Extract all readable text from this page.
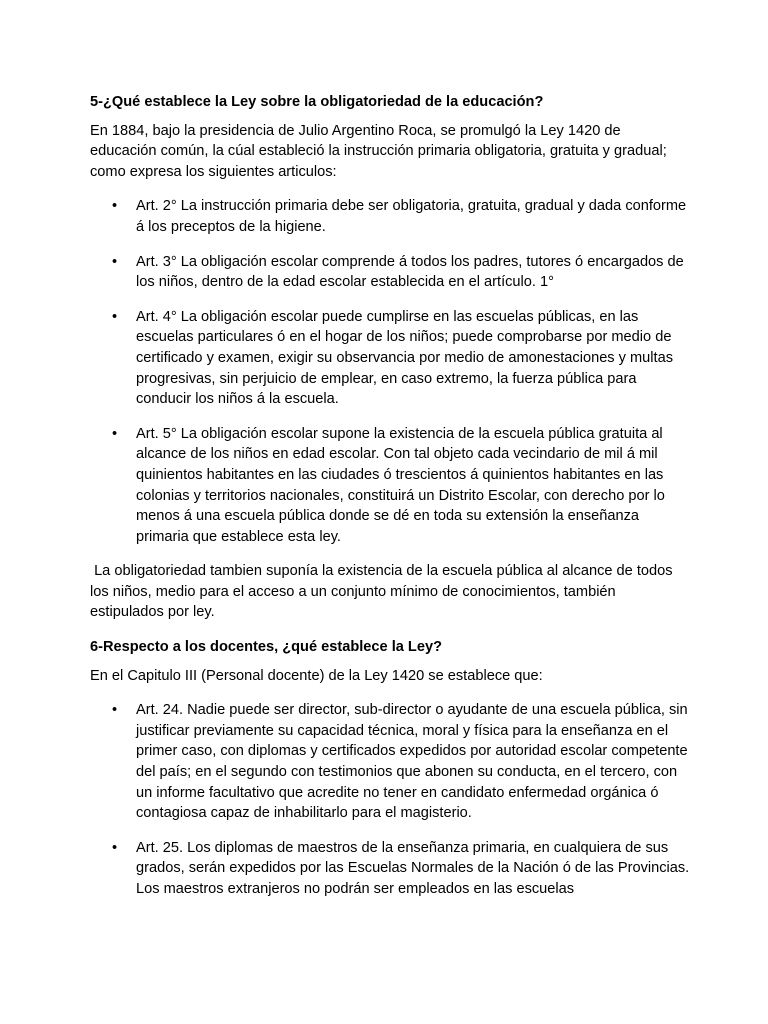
5-¿Qué establece la Ley sobre la obligatoriedad de la educación?

En 1884, bajo la presidencia de Julio Argentino Roca, se promulgó la Ley 1420 de educación común, la cúal estableció la instrucción primaria obligatoria, gratuita y gradual; como expresa los siguientes articulos:

• Art. 2° La instrucción primaria debe ser obligatoria, gratuita, gradual y dada conforme á los preceptos de la higiene.
• Art. 3° La obligación escolar comprende á todos los padres, tutores ó encargados de los niños, dentro de la edad escolar establecida en el artículo. 1°
• Art. 4° La obligación escolar puede cumplirse en las escuelas públicas, en las escuelas particulares ó en el hogar de los niños; puede comprobarse por medio de certificado y examen, exigir su observancia por medio de amonestaciones y multas progresivas, sin perjuicio de emplear, en caso extremo, la fuerza pública para conducir los niños á la escuela.
• Art. 5° La obligación escolar supone la existencia de la escuela pública gratuita al alcance de los niños en edad escolar. Con tal objeto cada vecindario de mil á mil quinientos habitantes en las ciudades ó trescientos á quinientos habitantes en las colonias y territorios nacionales, constituirá un Distrito Escolar, con derecho por lo menos á una escuela pública donde se dé en toda su extensión la enseñanza primaria que establece esta ley.

La obligatoriedad tambien suponía la existencia de la escuela pública al alcance de todos los niños, medio para el acceso a un conjunto mínimo de conocimientos, también estipulados por ley.

6-Respecto a los docentes, ¿qué establece la Ley?

En el Capitulo III (Personal docente) de la Ley 1420 se establece que:

• Art. 24. Nadie puede ser director, sub-director o ayudante de una escuela pública, sin justificar previamente su capacidad técnica, moral y física para la enseñanza en el primer caso, con diplomas y certificados expedidos por autoridad escolar competente del país; en el segundo con testimonios que abonen su conducta, en el tercero, con un informe facultativo que acredite no tener en candidato enfermedad orgánica ó contagiosa capaz de inhabilitarlo para el magisterio.
• Art. 25. Los diplomas de maestros de la enseñanza primaria, en cualquiera de sus grados, serán expedidos por las Escuelas Normales de la Nación ó de las Provincias. Los maestros extranjeros no podrán ser empleados en las escuelas
